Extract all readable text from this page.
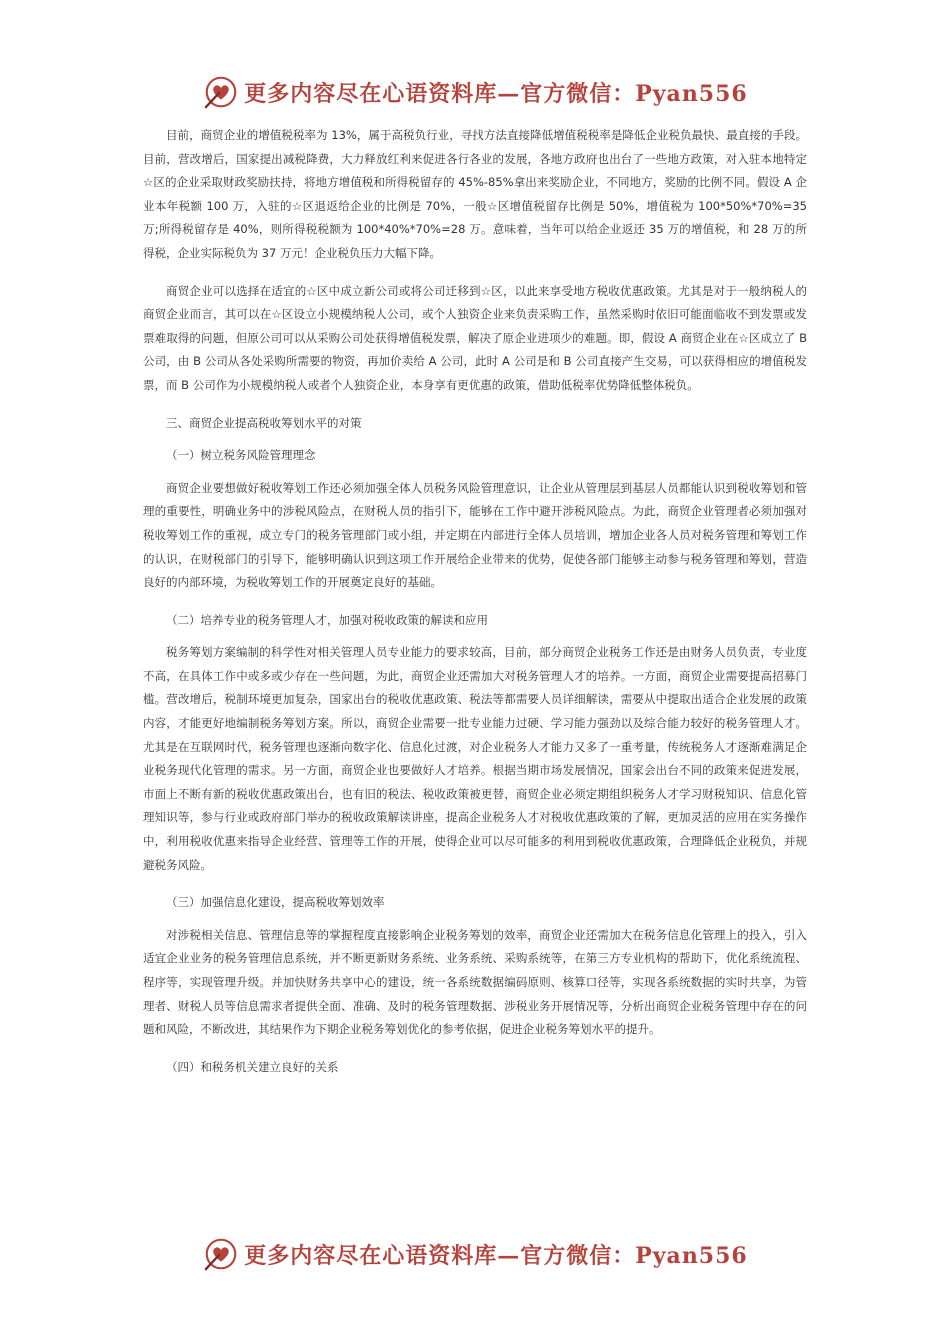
更多内容尽在心语资料库—官方微信：Pyan556

目前，商贸企业的增值税税率为 13%，属于高税负行业，寻找方法直接降低增值税税率是降低企业税负最快、最直接的手段。目前，营改增后，国家提出减税降费，大力释放红利来促进各行各业的发展，各地方政府也出台了一些地方政策，对入驻本地特定☆区的企业采取财政奖励扶持，将地方增值税和所得税留存的 45%-85%拿出来奖励企业，不同地方，奖励的比例不同。假设 A 企业本年税额 100 万，入驻的☆区退返给企业的比例是 70%，一般☆区增值税留存比例是 50%，增值税为 100*50%*70%=35 万;所得税留存是 40%，则所得税税额为 100*40%*70%=28 万。意味着，当年可以给企业返还 35 万的增值税，和 28 万的所得税，企业实际税负为 37 万元！企业税负压力大幅下降。

商贸企业可以选择在适宜的☆区中成立新公司或将公司迁移到☆区，以此来享受地方税收优惠政策。尤其是对于一般纳税人的商贸企业而言，其可以在☆区设立小规模纳税人公司，或个人独资企业来负责采购工作，虽然采购时依旧可能面临收不到发票或发票难取得的问题，但原公司可以从采购公司处获得增值税发票，解决了原企业进项少的难题。即，假设 A 商贸企业在☆区成立了 B 公司，由 B 公司从各处采购所需要的物资，再加价卖给 A 公司，此时 A 公司是和 B 公司直接产生交易，可以获得相应的增值税发票，而 B 公司作为小规模纳税人或者个人独资企业，本身享有更优惠的政策，借助低税率优势降低整体税负。

三、商贸企业提高税收筹划水平的对策

（一）树立税务风险管理理念

商贸企业要想做好税收筹划工作还必须加强全体人员税务风险管理意识，让企业从管理层到基层人员都能认识到税收筹划和管理的重要性，明确业务中的涉税风险点，在财税人员的指引下，能够在工作中避开涉税风险点。为此，商贸企业管理者必须加强对税收筹划工作的重视，成立专门的税务管理部门或小组，并定期在内部进行全体人员培训，增加企业各人员对税务管理和筹划工作的认识，在财税部门的引导下，能够明确认识到这项工作开展给企业带来的优势，促使各部门能够主动参与税务管理和筹划，营造良好的内部环境，为税收筹划工作的开展奠定良好的基础。

（二）培养专业的税务管理人才，加强对税收政策的解读和应用

税务筹划方案编制的科学性对相关管理人员专业能力的要求较高，目前，部分商贸企业税务工作还是由财务人员负责，专业度不高，在具体工作中或多或少存在一些问题，为此，商贸企业还需加大对税务管理人才的培养。一方面，商贸企业需要提高招募门槛。营改增后，税制环境更加复杂，国家出台的税收优惠政策、税法等都需要人员详细解读，需要从中提取出适合企业发展的政策内容，才能更好地编制税务筹划方案。所以，商贸企业需要一批专业能力过硬、学习能力强劲以及综合能力较好的税务管理人才。尤其是在互联网时代，税务管理也逐渐向数字化、信息化过渡，对企业税务人才能力又多了一重考量，传统税务人才逐渐难满足企业税务现代化管理的需求。另一方面，商贸企业也要做好人才培养。根据当期市场发展情况，国家会出台不同的政策来促进发展，市面上不断有新的税收优惠政策出台，也有旧的税法、税收政策被更替，商贸企业必须定期组织税务人才学习财税知识、信息化管理知识等，参与行业或政府部门举办的税收政策解读讲座，提高企业税务人才对税收优惠政策的了解，更加灵活的应用在实务操作中，利用税收优惠来指导企业经营、管理等工作的开展，使得企业可以尽可能多的利用到税收优惠政策，合理降低企业税负，并规避税务风险。

（三）加强信息化建设，提高税收筹划效率

对涉税相关信息、管理信息等的掌握程度直接影响企业税务筹划的效率，商贸企业还需加大在税务信息化管理上的投入，引入适宜企业业务的税务管理信息系统，并不断更新财务系统、业务系统、采购系统等，在第三方专业机构的帮助下，优化系统流程、程序等，实现管理升级。并加快财务共享中心的建设，统一各系统数据编码原则、核算口径等，实现各系统数据的实时共享，为管理者、财税人员等信息需求者提供全面、准确、及时的税务管理数据、涉税业务开展情况等，分析出商贸企业税务管理中存在的问题和风险，不断改进，其结果作为下期企业税务筹划优化的参考依据，促进企业税务筹划水平的提升。

（四）和税务机关建立良好的关系

更多内容尽在心语资料库—官方微信：Pyan556
